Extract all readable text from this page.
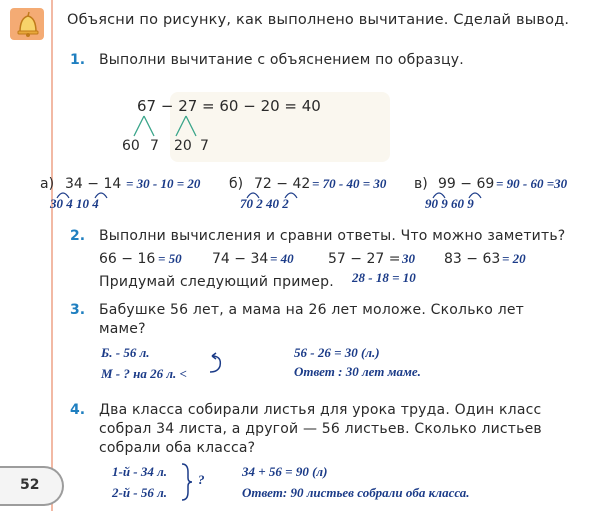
Объясни по рисунку, как выполнено вычитание. Сделай вывод.
1. Выполни вычитание с объяснением по образцу.
67 − 27 = 60 − 20 = 40
60 7 20 7
а) 34 − 14 = 30 - 10 = 20
30 4 10 4
б) 72 − 42 = 70 - 40 = 30
70 2 40 2
в) 99 − 69 = 90 - 60 =30
90 9 60 9
2. Выполни вычисления и сравни ответы. Что можно заметить?
66 − 16 = 50 74 − 34 = 40 57 − 27 = 30 83 − 63 = 20
Придумай следующий пример. 28 - 18 = 10
3. Бабушке 56 лет, а мама на 26 лет моложе. Сколько лет
маме?
Б. - 56 л.
М - ? на 26 л. <
56 - 26 = 30 (л.)
Ответ : 30 лет маме.
4. Два класса собирали листья для урока труда. Один класс
собрал 34 листа, а другой — 56 листьев. Сколько листьев
собрали оба класса?
1-й - 34 л.
2-й - 56 л.
?
34 + 56 = 90 (л)
Ответ: 90 листьев собрали оба класса.
52
